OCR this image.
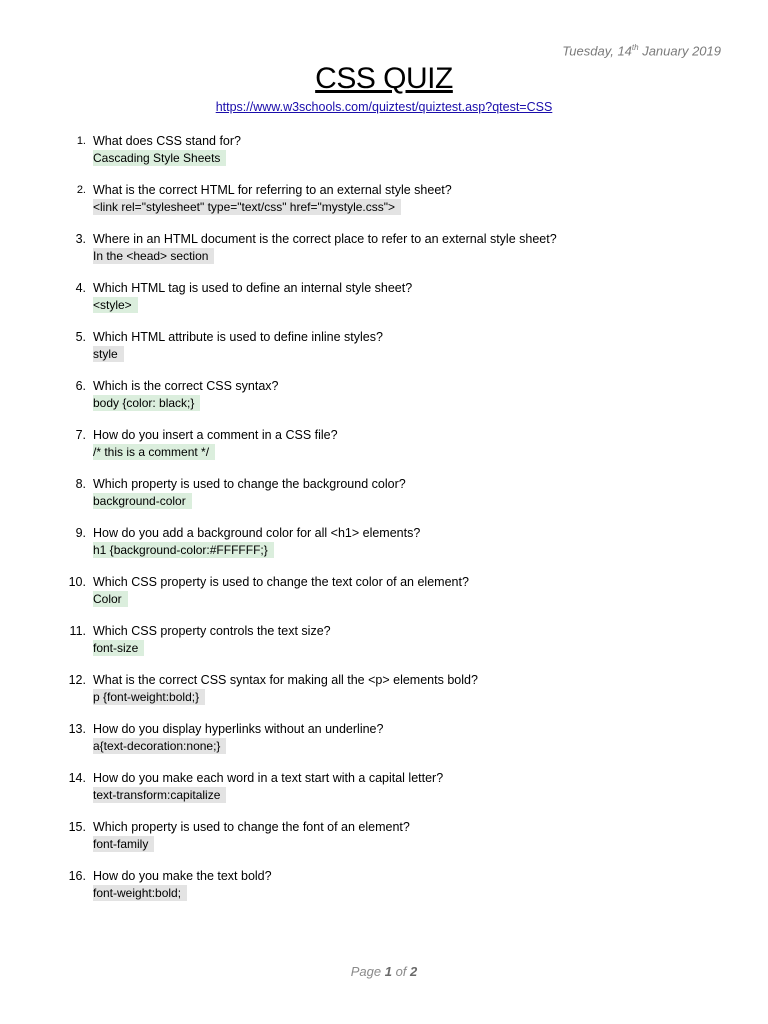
Tuesday, 14th January 2019
CSS QUIZ
https://www.w3schools.com/quiztest/quiztest.asp?qtest=CSS
1. What does CSS stand for?
Cascading Style Sheets
2. What is the correct HTML for referring to an external style sheet?
<link rel="stylesheet" type="text/css" href="mystyle.css">
3. Where in an HTML document is the correct place to refer to an external style sheet?
In the <head> section
4. Which HTML tag is used to define an internal style sheet?
<style>
5. Which HTML attribute is used to define inline styles?
style
6. Which is the correct CSS syntax?
body {color: black;}
7. How do you insert a comment in a CSS file?
/* this is a comment */
8. Which property is used to change the background color?
background-color
9. How do you add a background color for all <h1> elements?
h1 {background-color:#FFFFFF;}
10. Which CSS property is used to change the text color of an element?
Color
11. Which CSS property controls the text size?
font-size
12. What is the correct CSS syntax for making all the <p> elements bold?
p {font-weight:bold;}
13. How do you display hyperlinks without an underline?
a{text-decoration:none;}
14. How do you make each word in a text start with a capital letter?
text-transform:capitalize
15. Which property is used to change the font of an element?
font-family
16. How do you make the text bold?
font-weight:bold;
Page 1 of 2
